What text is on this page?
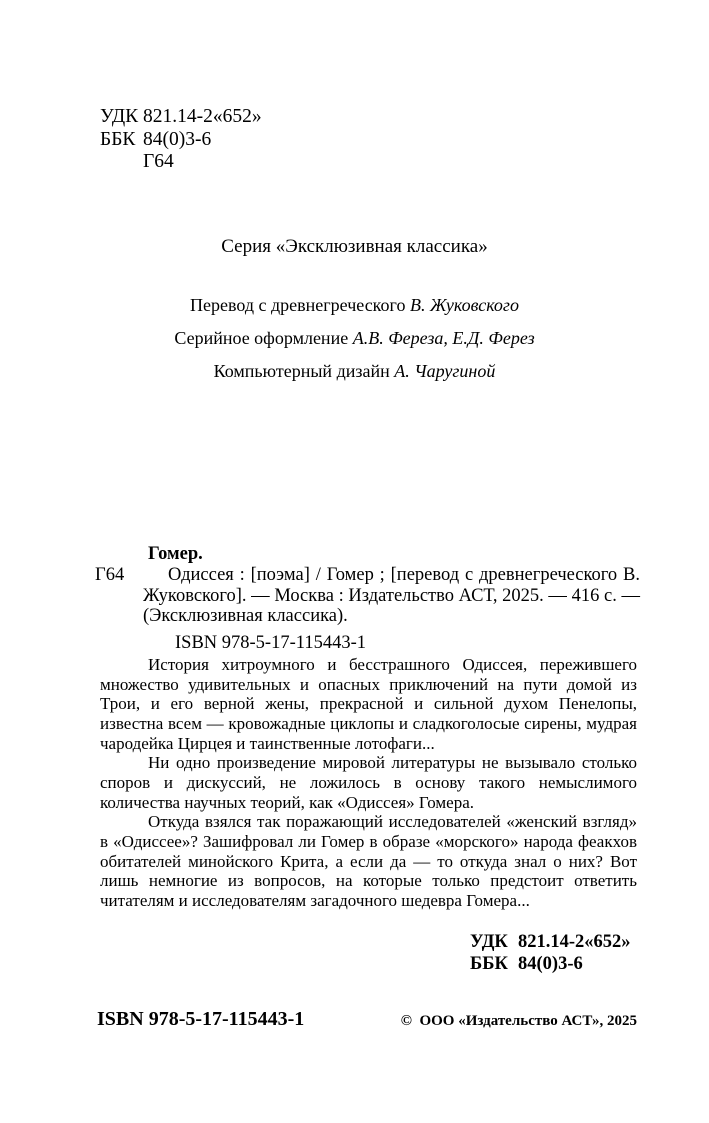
УДК 821.14-2«652»
ББК 84(0)3-6
Г64
Серия «Эксклюзивная классика»
Перевод с древнегреческого В. Жуковского
Серийное оформление А.В. Фереза, Е.Д. Ферез
Компьютерный дизайн А. Чаругиной
Гомер.
Г64 Одиссея : [поэма] / Гомер ; [перевод с древнегреческого В. Жуковского]. — Москва : Издательство АСТ, 2025. — 416 с. — (Эксклюзивная классика).
ISBN 978-5-17-115443-1

История хитроумного и бесстрашного Одиссея, пережившего множество удивительных и опасных приключений на пути домой из Трои, и его верной жены, прекрасной и сильной духом Пенелопы, известна всем — кровожадные циклопы и сладкоголосые сирены, мудрая чародейка Цирцея и таинственные лотофаги...

Ни одно произведение мировой литературы не вызывало столько споров и дискуссий, не ложилось в основу такого немыслимого количества научных теорий, как «Одиссея» Гомера.

Откуда взялся так поражающий исследователей «женский взгляд» в «Одиссее»? Зашифровал ли Гомер в образе «морского» народа феакхов обитателей минойского Крита, а если да — то откуда знал о них? Вот лишь немногие из вопросов, на которые только предстоит ответить читателям и исследователям загадочного шедевра Гомера...

УДК 821.14-2«652»
ББК 84(0)3-6
ISBN 978-5-17-115443-1	©  ООО «Издательство АСТ», 2025
